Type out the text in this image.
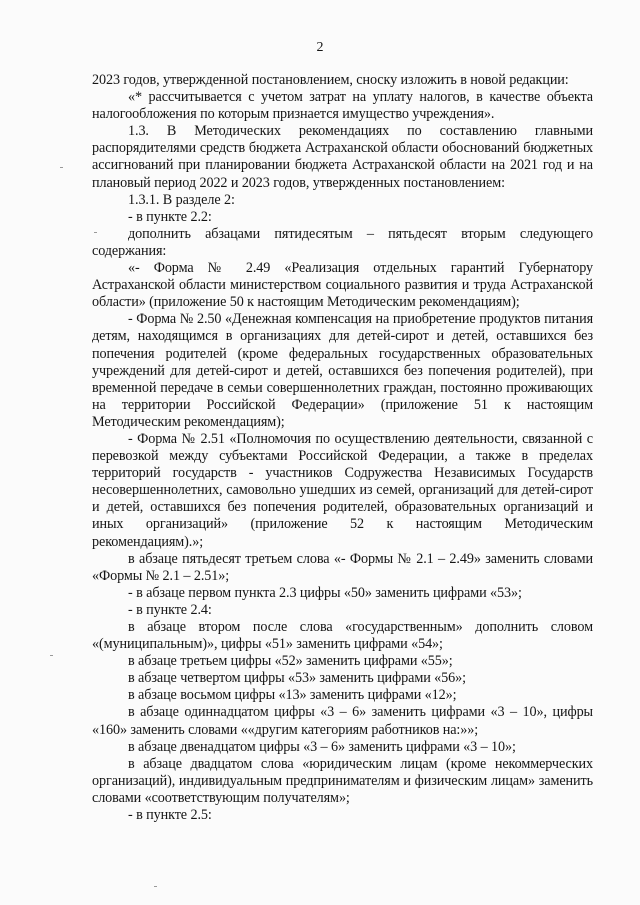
2

2023 годов, утвержденной постановлением, сноску изложить в новой редакции:

«* рассчитывается с учетом затрат на уплату налогов, в качестве объекта налогообложения по которым признается имущество учреждения».

1.3. В Методических рекомендациях по составлению главными распорядителями средств бюджета Астраханской области обоснований бюджетных ассигнований при планировании бюджета Астраханской области на 2021 год и на плановый период 2022 и 2023 годов, утвержденных постановлением:

1.3.1. В разделе 2:

- в пункте 2.2:

дополнить абзацами пятидесятым – пятьдесят вторым следующего содержания:

«- Форма № 2.49 «Реализация отдельных гарантий Губернатору Астраханской области министерством социального развития и труда Астраханской области» (приложение 50 к настоящим Методическим рекомендациям);

- Форма № 2.50 «Денежная компенсация на приобретение продуктов питания детям, находящимся в организациях для детей-сирот и детей, оставшихся без попечения родителей (кроме федеральных государственных образовательных учреждений для детей-сирот и детей, оставшихся без попечения родителей), при временной передаче в семьи совершеннолетних граждан, постоянно проживающих на территории Российской Федерации» (приложение 51 к настоящим Методическим рекомендациям);

- Форма № 2.51 «Полномочия по осуществлению деятельности, связанной с перевозкой между субъектами Российской Федерации, а также в пределах территорий государств - участников Содружества Независимых Государств несовершеннолетних, самовольно ушедших из семей, организаций для детей-сирот и детей, оставшихся без попечения родителей, образовательных организаций и иных организаций» (приложение 52 к настоящим Методическим рекомендациям).»;

в абзаце пятьдесят третьем слова «- Формы № 2.1 – 2.49» заменить словами «Формы № 2.1 – 2.51»;

- в абзаце первом пункта 2.3 цифры «50» заменить цифрами «53»;

- в пункте 2.4:

в абзаце втором после слова «государственным» дополнить словом «(муниципальным)», цифры «51» заменить цифрами «54»;

в абзаце третьем цифры «52» заменить цифрами «55»;

в абзаце четвертом цифры «53» заменить цифрами «56»;

в абзаце восьмом цифры «13» заменить цифрами «12»;

в абзаце одиннадцатом цифры «3 – 6» заменить цифрами «3 – 10», цифры «160» заменить словами ««другим категориям работников на:»»;

в абзаце двенадцатом цифры «3 – 6» заменить цифрами «3 – 10»;

в абзаце двадцатом слова «юридическим лицам (кроме некоммерческих организаций), индивидуальным предпринимателям и физическим лицам» заменить словами «соответствующим получателям»;

- в пункте 2.5:
